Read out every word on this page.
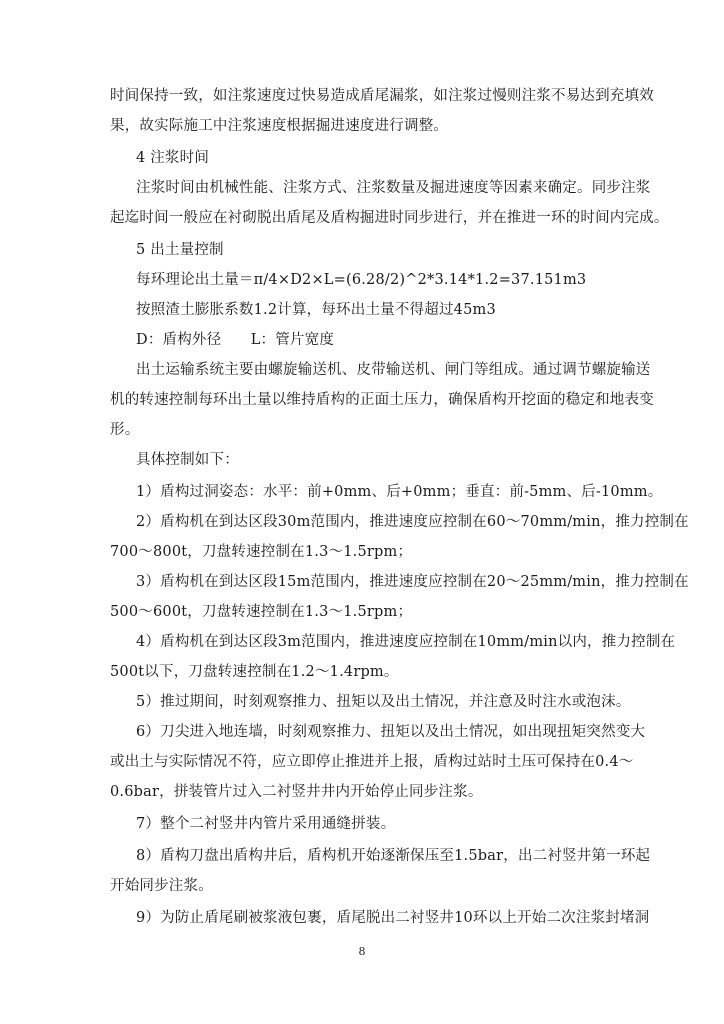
时间保持一致，如注浆速度过快易造成盾尾漏浆，如注浆过慢则注浆不易达到充填效
果，故实际施工中注浆速度根据掘进速度进行调整。
4 注浆时间
注浆时间由机械性能、注浆方式、注浆数量及掘进速度等因素来确定。同步注浆
起迄时间一般应在衬砌脱出盾尾及盾构掘进时同步进行，并在推进一环的时间内完成。
5 出土量控制
每环理论出土量＝π/4×D2×L=(6.28/2)^2*3.14*1.2=37.151m3
按照渣土膨胀系数1.2计算，每环出土量不得超过45m3
D：盾构外径　　L：管片宽度
出土运输系统主要由螺旋输送机、皮带输送机、闸门等组成。通过调节螺旋输送
机的转速控制每环出土量以维持盾构的正面土压力，确保盾构开挖面的稳定和地表变
形。
具体控制如下：
1）盾构过洞姿态：水平：前+0mm、后+0mm；垂直：前-5mm、后-10mm。
2）盾构机在到达区段30m范围内，推进速度应控制在60～70mm/min，推力控制在
700～800t，刀盘转速控制在1.3～1.5rpm；
3）盾构机在到达区段15m范围内，推进速度应控制在20～25mm/min，推力控制在
500～600t，刀盘转速控制在1.3～1.5rpm；
4）盾构机在到达区段3m范围内，推进速度应控制在10mm/min以内，推力控制在
500t以下，刀盘转速控制在1.2～1.4rpm。
5）推过期间，时刻观察推力、扭矩以及出土情况，并注意及时注水或泡沫。
6）刀尖进入地连墙，时刻观察推力、扭矩以及出土情况，如出现扭矩突然变大
或出土与实际情况不符，应立即停止推进并上报，盾构过站时土压可保持在0.4～
0.6bar，拼装管片过入二衬竖井井内开始停止同步注浆。
7）整个二衬竖井内管片采用通缝拼装。
8）盾构刀盘出盾构井后，盾构机开始逐渐保压至1.5bar，出二衬竖井第一环起
开始同步注浆。
9）为防止盾尾刷被浆液包裹，盾尾脱出二衬竖井10环以上开始二次注浆封堵洞
8
